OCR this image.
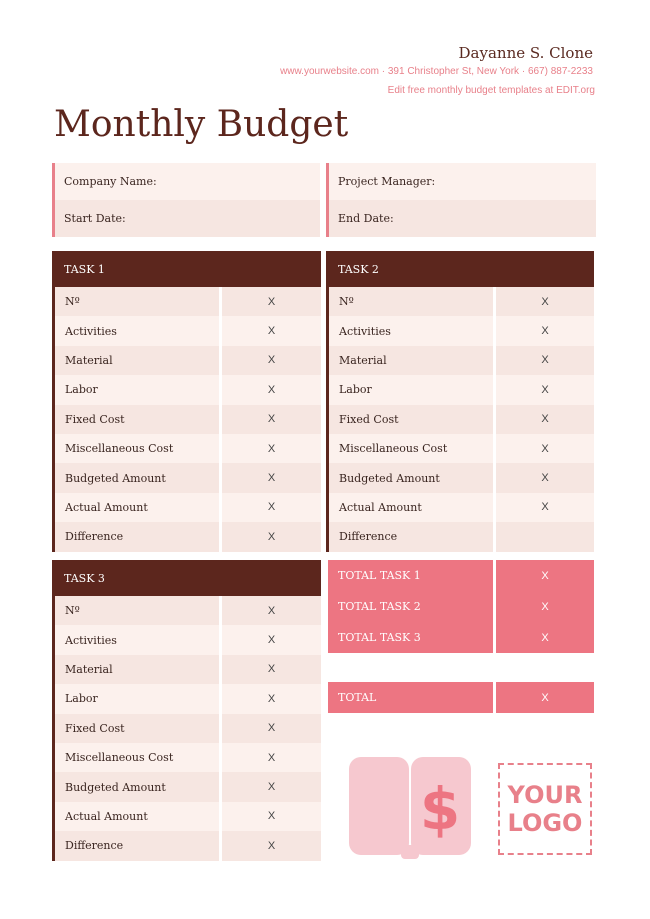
Dayanne S. Clone
www.yourwebsite.com · 391 Christopher St, New York · 667) 887-2233
Edit free monthly budget templates at EDIT.org
Monthly Budget
Company Name:
Start Date:
Project Manager:
End Date:
TASK 1
Nº	X
Activities	X
Material	X
Labor	X
Fixed Cost	X
Miscellaneous Cost	X
Budgeted Amount	X
Actual Amount	X
Difference	X
TASK 2
Nº	X
Activities	X
Material	X
Labor	X
Fixed Cost	X
Miscellaneous Cost	X
Budgeted Amount	X
Actual Amount	X
Difference
TASK 3
Nº	X
Activities	X
Material	X
Labor	X
Fixed Cost	X
Miscellaneous Cost	X
Budgeted Amount	X
Actual Amount	X
Difference	X
TOTAL TASK 1	X
TOTAL TASK 2	X
TOTAL TASK 3	X
TOTAL	X
$ YOUR
LOGO
